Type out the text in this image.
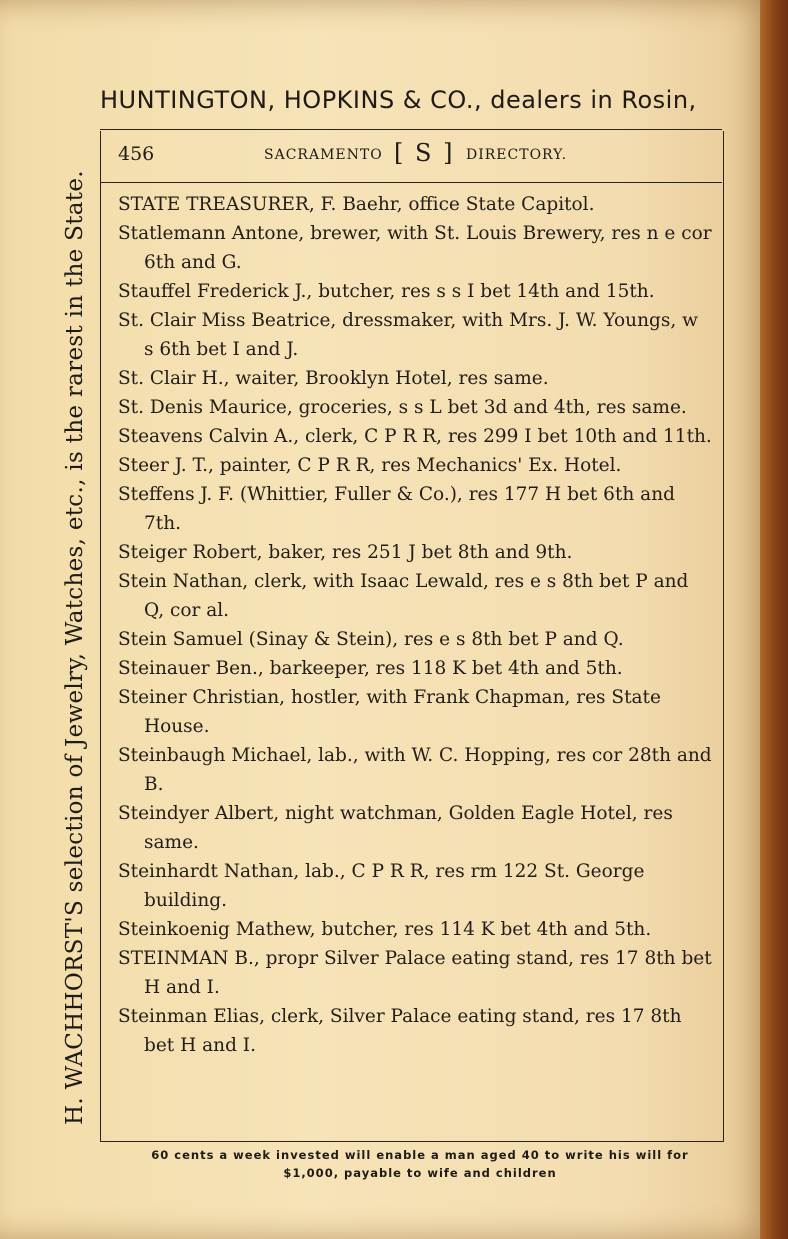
HUNTINGTON, HOPKINS & CO., dealers in Rosin,
H. WACHHORST'S selection of Jewelry, Watches, etc., is the rarest in the State.
456	SACRAMENTO [ S ] DIRECTORY.
STATE TREASURER, F. Baehr, office State Capitol.
Statlemann Antone, brewer, with St. Louis Brewery, res n e cor 6th and G.
Stauffel Frederick J., butcher, res s s I bet 14th and 15th.
St. Clair Miss Beatrice, dressmaker, with Mrs. J. W. Youngs, w s 6th bet I and J.
St. Clair H., waiter, Brooklyn Hotel, res same.
St. Denis Maurice, groceries, s s L bet 3d and 4th, res same.
Steavens Calvin A., clerk, C P R R, res 299 I bet 10th and 11th.
Steer J. T., painter, C P R R, res Mechanics' Ex. Hotel.
Steffens J. F. (Whittier, Fuller & Co.), res 177 H bet 6th and 7th.
Steiger Robert, baker, res 251 J bet 8th and 9th.
Stein Nathan, clerk, with Isaac Lewald, res e s 8th bet P and Q, cor al.
Stein Samuel (Sinay & Stein), res e s 8th bet P and Q.
Steinauer Ben., barkeeper, res 118 K bet 4th and 5th.
Steiner Christian, hostler, with Frank Chapman, res State House.
Steinbaugh Michael, lab., with W. C. Hopping, res cor 28th and B.
Steindyer Albert, night watchman, Golden Eagle Hotel, res same.
Steinhardt Nathan, lab., C P R R, res rm 122 St. George building.
Steinkoenig Mathew, butcher, res 114 K bet 4th and 5th.
STEINMAN B., propr Silver Palace eating stand, res 17 8th bet H and I.
Steinman Elias, clerk, Silver Palace eating stand, res 17 8th bet H and I.
60 cents a week invested will enable a man aged 40 to write his will for
$1,000, payable to wife and children
